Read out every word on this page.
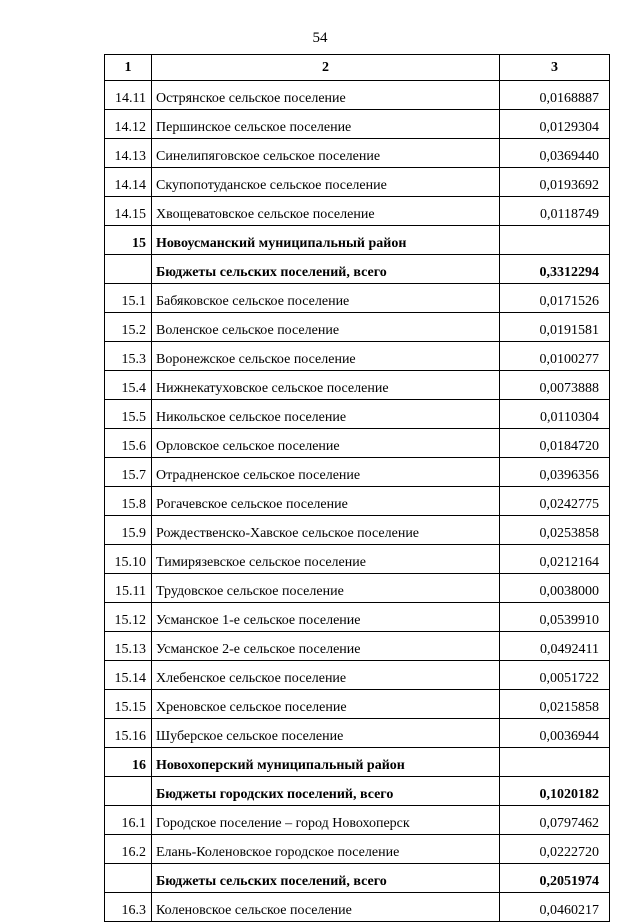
54
1	2	3
14.11	Острянское сельское поселение	0,0168887
14.12	Першинское сельское поселение	0,0129304
14.13	Синелипяговское сельское поселение	0,0369440
14.14	Скупопотуданское сельское поселение	0,0193692
14.15	Хвощеватовское сельское поселение	0,0118749
15	Новоусманский муниципальный район	
	Бюджеты сельских поселений, всего	0,3312294
15.1	Бабяковское сельское поселение	0,0171526
15.2	Воленское сельское поселение	0,0191581
15.3	Воронежское сельское поселение	0,0100277
15.4	Нижнекатуховское сельское поселение	0,0073888
15.5	Никольское сельское поселение	0,0110304
15.6	Орловское сельское поселение	0,0184720
15.7	Отрадненское сельское поселение	0,0396356
15.8	Рогачевское сельское поселение	0,0242775
15.9	Рождественско-Хавское сельское поселение	0,0253858
15.10	Тимирязевское сельское поселение	0,0212164
15.11	Трудовское сельское поселение	0,0038000
15.12	Усманское 1-е сельское поселение	0,0539910
15.13	Усманское 2-е сельское поселение	0,0492411
15.14	Хлебенское сельское поселение	0,0051722
15.15	Хреновское сельское поселение	0,0215858
15.16	Шуберское сельское поселение	0,0036944
16	Новохоперский муниципальный район	
	Бюджеты городских поселений, всего	0,1020182
16.1	Городское поселение – город Новохоперск	0,0797462
16.2	Елань-Коленовское городское поселение	0,0222720
	Бюджеты сельских поселений, всего	0,2051974
16.3	Коленовское сельское поселение	0,0460217
